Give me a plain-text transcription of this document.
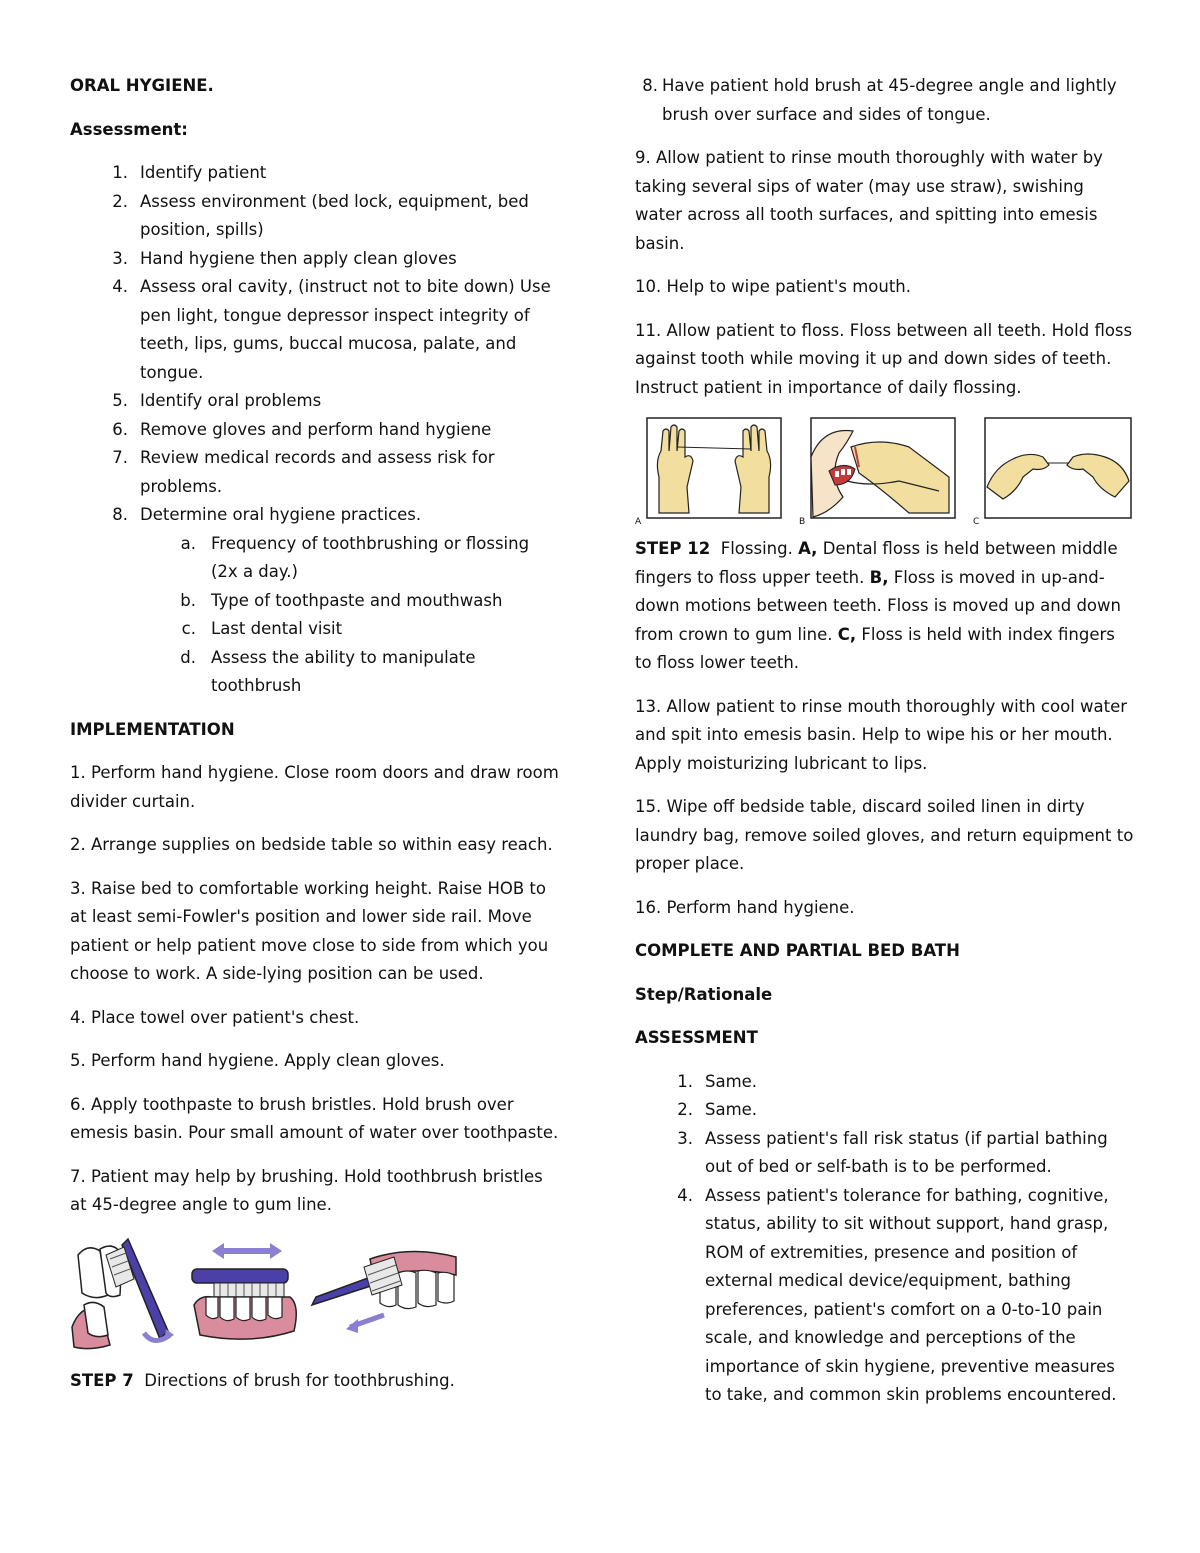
ORAL HYGIENE.

Assessment:

1. Identify patient
2. Assess environment (bed lock, equipment, bed position, spills)
3. Hand hygiene then apply clean gloves
4. Assess oral cavity, (instruct not to bite down) Use pen light, tongue depressor inspect integrity of teeth, lips, gums, buccal mucosa, palate, and tongue.
5. Identify oral problems
6. Remove gloves and perform hand hygiene
7. Review medical records and assess risk for problems.
8. Determine oral hygiene practices.
a. Frequency of toothbrushing or flossing (2x a day.)
b. Type of toothpaste and mouthwash
c. Last dental visit
d. Assess the ability to manipulate toothbrush

IMPLEMENTATION

1. Perform hand hygiene. Close room doors and draw room divider curtain.

2. Arrange supplies on bedside table so within easy reach.

3. Raise bed to comfortable working height. Raise HOB to at least semi-Fowler's position and lower side rail. Move patient or help patient move close to side from which you choose to work. A side-lying position can be used.

4. Place towel over patient's chest.

5. Perform hand hygiene. Apply clean gloves.

6. Apply toothpaste to brush bristles. Hold brush over emesis basin. Pour small amount of water over toothpaste.

7. Patient may help by brushing. Hold toothbrush bristles at 45-degree angle to gum line.

STEP 7 Directions of brush for toothbrushing.

8. Have patient hold brush at 45-degree angle and lightly brush over surface and sides of tongue.

9. Allow patient to rinse mouth thoroughly with water by taking several sips of water (may use straw), swishing water across all tooth surfaces, and spitting into emesis basin.

10. Help to wipe patient's mouth.

11. Allow patient to floss. Floss between all teeth. Hold floss against tooth while moving it up and down sides of teeth. Instruct patient in importance of daily flossing.

A	B	C

STEP 12 Flossing. A, Dental floss is held between middle fingers to floss upper teeth. B, Floss is moved in up-and-down motions between teeth. Floss is moved up and down from crown to gum line. C, Floss is held with index fingers to floss lower teeth.

13. Allow patient to rinse mouth thoroughly with cool water and spit into emesis basin. Help to wipe his or her mouth. Apply moisturizing lubricant to lips.

15. Wipe off bedside table, discard soiled linen in dirty laundry bag, remove soiled gloves, and return equipment to proper place.

16. Perform hand hygiene.

COMPLETE AND PARTIAL BED BATH

Step/Rationale

ASSESSMENT

1. Same.
2. Same.
3. Assess patient's fall risk status (if partial bathing out of bed or self-bath is to be performed.
4. Assess patient's tolerance for bathing, cognitive, status, ability to sit without support, hand grasp, ROM of extremities, presence and position of external medical device/equipment, bathing preferences, patient's comfort on a 0-to-10 pain scale, and knowledge and perceptions of the importance of skin hygiene, preventive measures to take, and common skin problems encountered.
